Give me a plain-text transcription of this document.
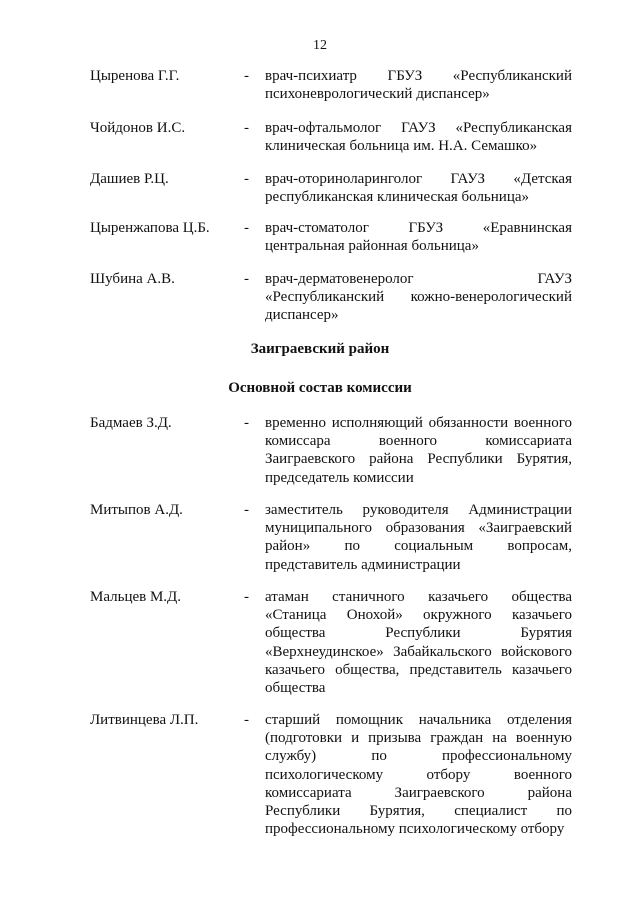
12
Цыренова Г.Г.	- врач-психиатр ГБУЗ «Республиканский психоневрологический диспансер»
Чойдонов И.С.	- врач-офтальмолог ГАУЗ «Республиканская клиническая больница им. Н.А. Семашко»
Дашиев Р.Ц.	- врач-оториноларинголог ГАУЗ «Детская республиканская клиническая больница»
Цыренжапова Ц.Б. - врач-стоматолог ГБУЗ «Еравнинская центральная районная больница»
Шубина А.В.	- врач-дерматовенеролог ГАУЗ «Республиканский кожно-венерологический диспансер»
Заиграевский район
Основной состав комиссии
Бадмаев З.Д.	- временно исполняющий обязанности военного комиссара военного комиссариата Заиграевского района Республики Бурятия, председатель комиссии
Митыпов А.Д.	- заместитель руководителя Администрации муниципального образования «Заиграевский район» по социальным вопросам, представитель администрации
Мальцев М.Д.	- атаман станичного казачьего общества «Станица Онохой» окружного казачьего общества Республики Бурятия «Верхнеудинское» Забайкальского войскового казачьего общества, представитель казачьего общества
Литвинцева Л.П.	- старший помощник начальника отделения (подготовки и призыва граждан на военную службу) по профессиональному психологическому отбору военного комиссариата Заиграевского района Республики Бурятия, специалист по профессиональному психологическому отбору
